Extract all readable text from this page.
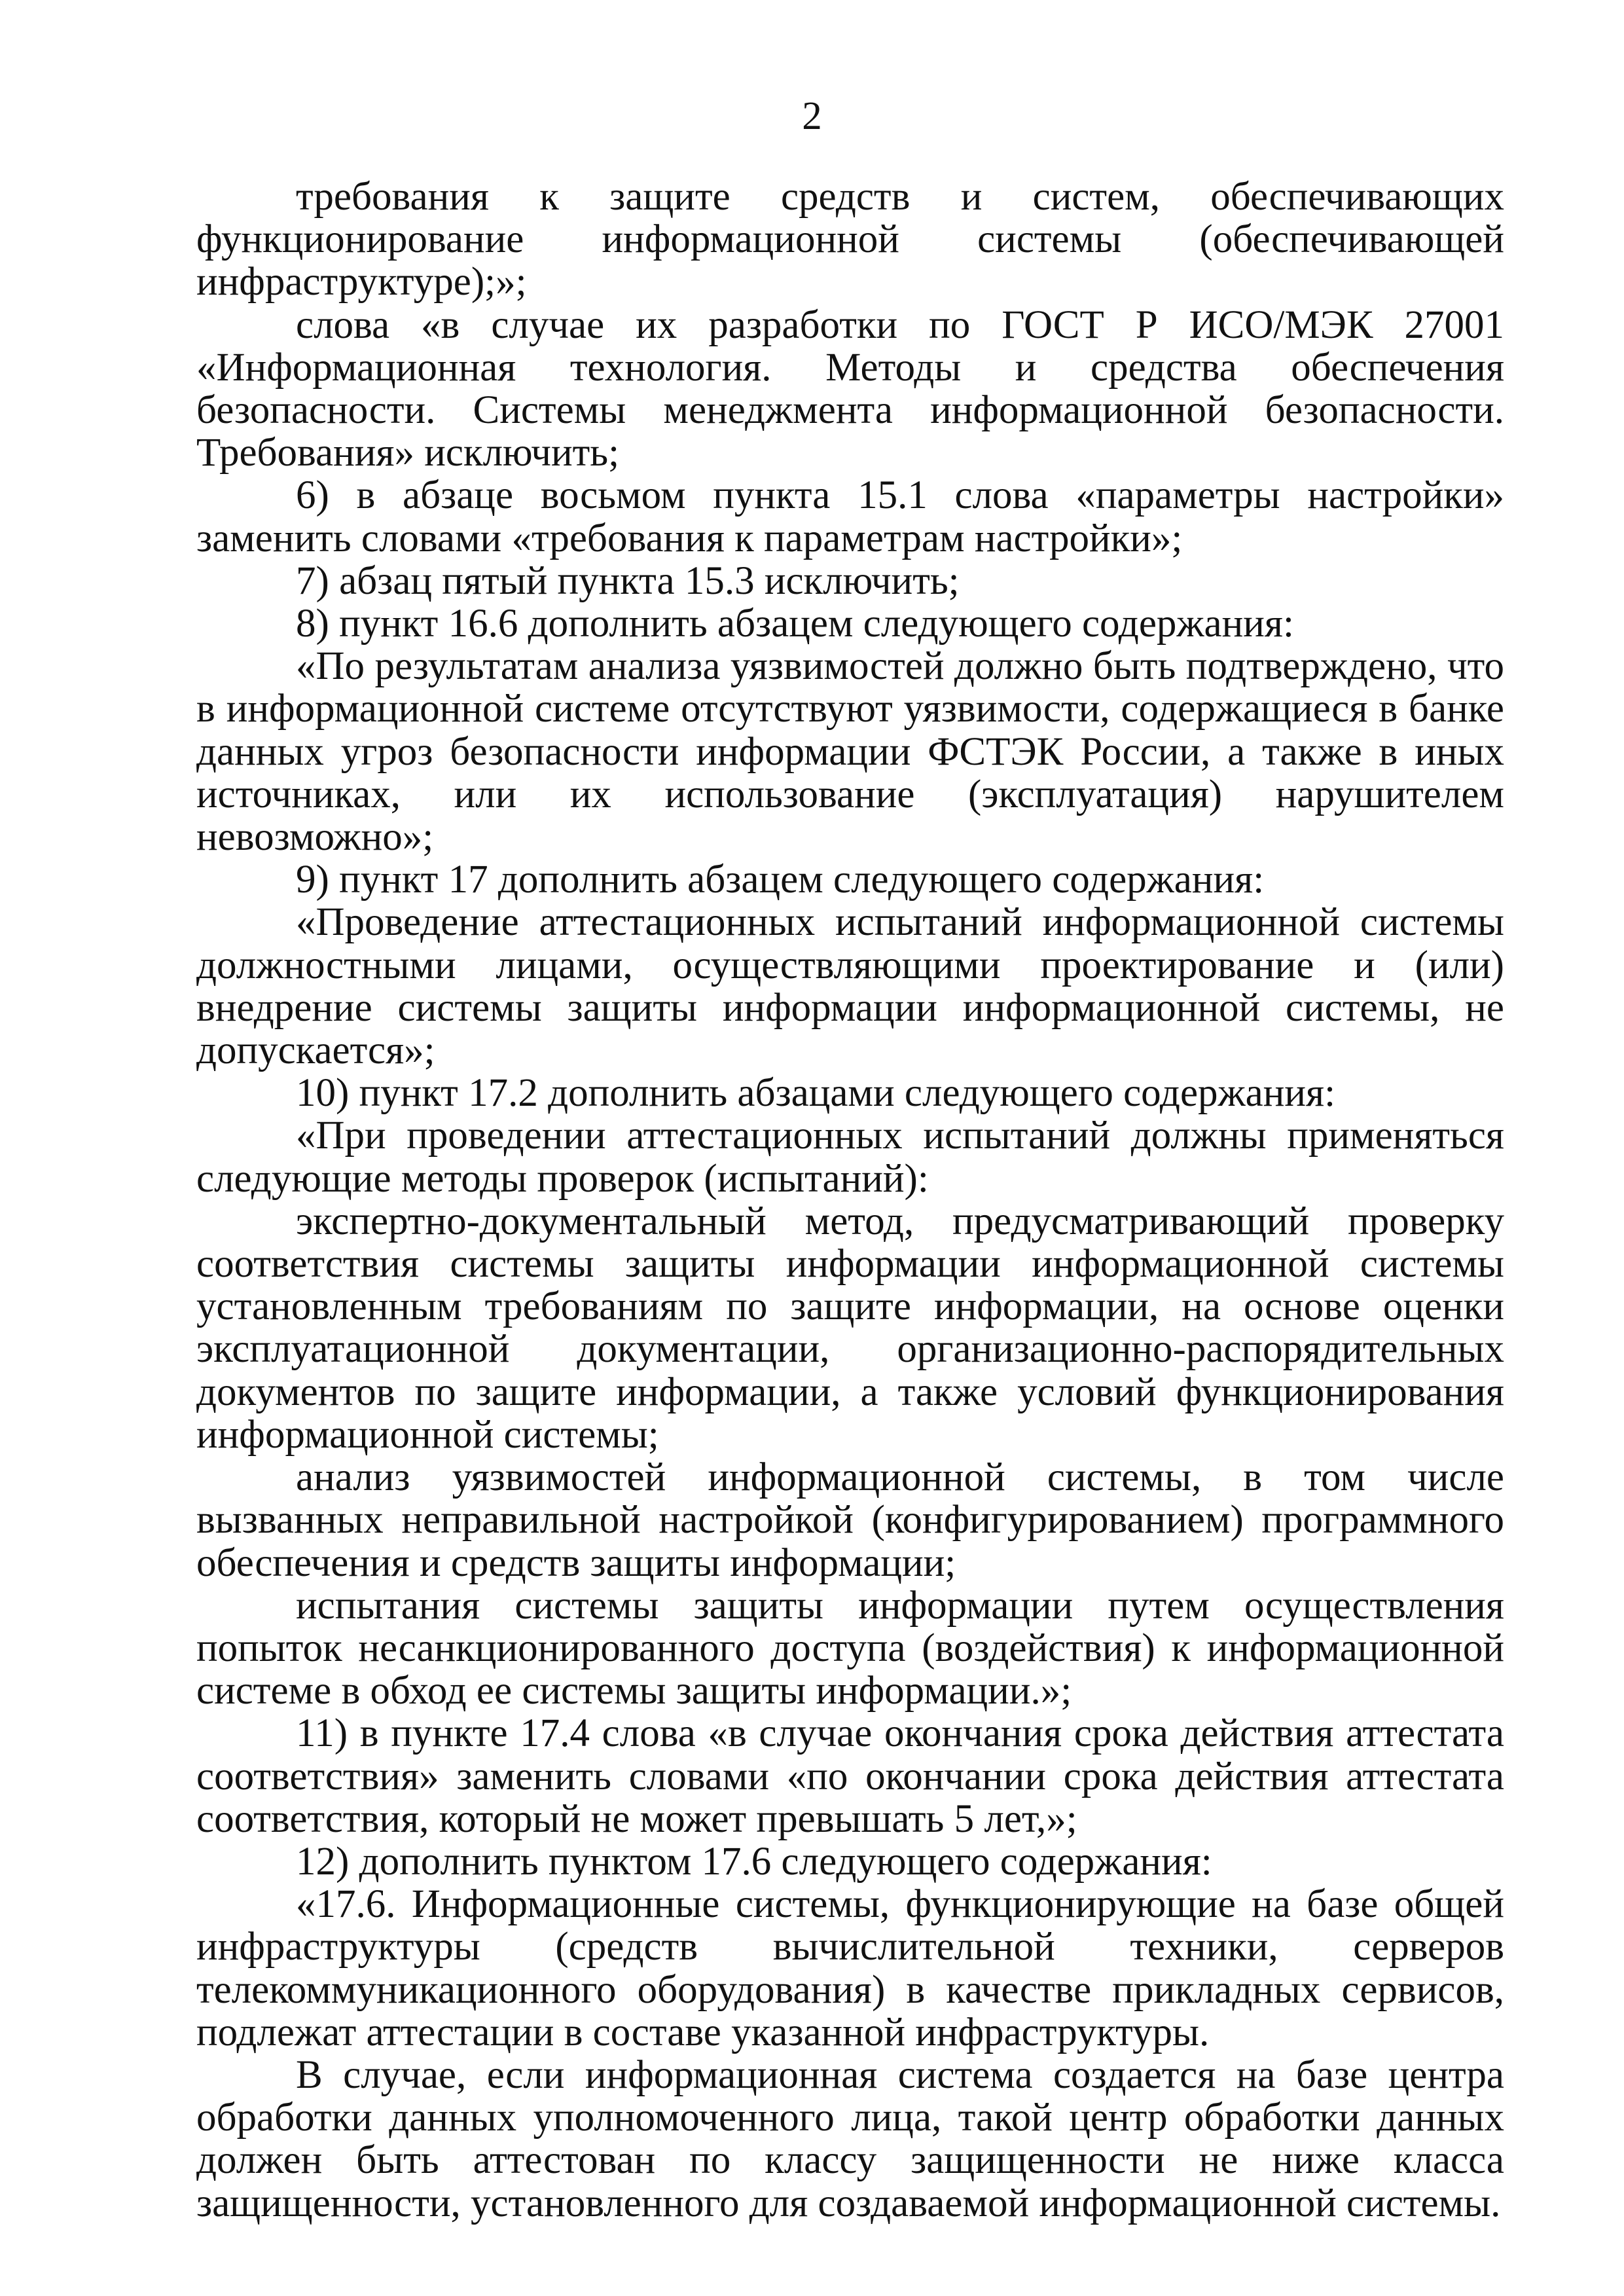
2

требования к защите средств и систем, обеспечивающих функционирование информационной системы (обеспечивающей инфраструктуре);»;

слова «в случае их разработки по ГОСТ Р ИСО/МЭК 27001 «Информационная технология. Методы и средства обеспечения безопасности. Системы менеджмента информационной безопасности. Требования» исключить;

6) в абзаце восьмом пункта 15.1 слова «параметры настройки» заменить словами «требования к параметрам настройки»;

7) абзац пятый пункта 15.3 исключить;

8) пункт 16.6 дополнить абзацем следующего содержания:

«По результатам анализа уязвимостей должно быть подтверждено, что в информационной системе отсутствуют уязвимости, содержащиеся в банке данных угроз безопасности информации ФСТЭК России, а также в иных источниках, или их использование (эксплуатация) нарушителем невозможно»;

9) пункт 17 дополнить абзацем следующего содержания:

«Проведение аттестационных испытаний информационной системы должностными лицами, осуществляющими проектирование и (или) внедрение системы защиты информации информационной системы, не допускается»;

10) пункт 17.2 дополнить абзацами следующего содержания:

«При проведении аттестационных испытаний должны применяться следующие методы проверок (испытаний):

экспертно-документальный метод, предусматривающий проверку соответствия системы защиты информации информационной системы установленным требованиям по защите информации, на основе оценки эксплуатационной документации, организационно-распорядительных документов по защите информации, а также условий функционирования информационной системы;

анализ уязвимостей информационной системы, в том числе вызванных неправильной настройкой (конфигурированием) программного обеспечения и средств защиты информации;

испытания системы защиты информации путем осуществления попыток несанкционированного доступа (воздействия) к информационной системе в обход ее системы защиты информации.»;

11) в пункте 17.4 слова «в случае окончания срока действия аттестата соответствия» заменить словами «по окончании срока действия аттестата соответствия, который не может превышать 5 лет,»;

12) дополнить пунктом 17.6 следующего содержания:

«17.6. Информационные системы, функционирующие на базе общей инфраструктуры (средств вычислительной техники, серверов телекоммуникационного оборудования) в качестве прикладных сервисов, подлежат аттестации в составе указанной инфраструктуры.

В случае, если информационная система создается на базе центра обработки данных уполномоченного лица, такой центр обработки данных должен быть аттестован по классу защищенности не ниже класса защищенности, установленного для создаваемой информационной системы.
